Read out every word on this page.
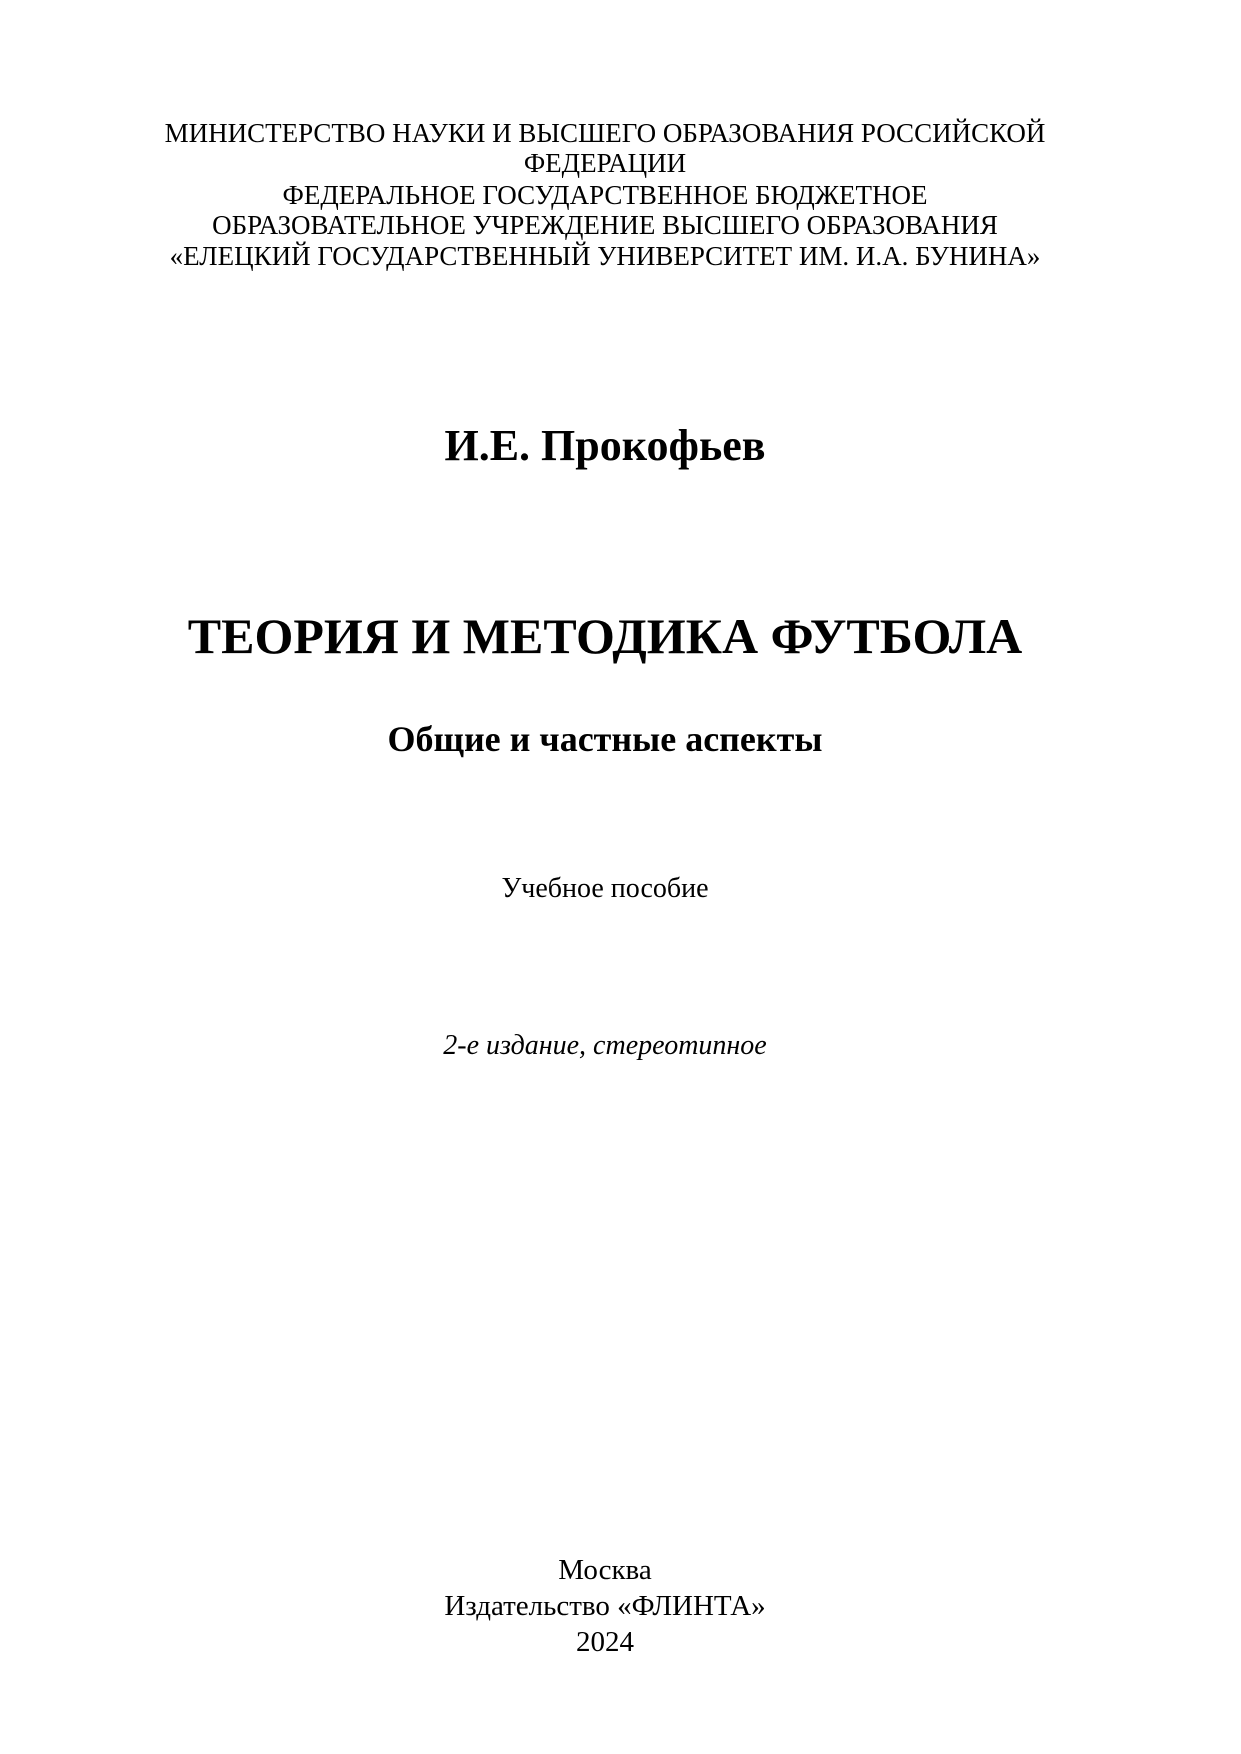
МИНИСТЕРСТВО НАУКИ И ВЫСШЕГО ОБРАЗОВАНИЯ РОССИЙСКОЙ
ФЕДЕРАЦИИ
ФЕДЕРАЛЬНОЕ ГОСУДАРСТВЕННОЕ БЮДЖЕТНОЕ
ОБРАЗОВАТЕЛЬНОЕ УЧРЕЖДЕНИЕ ВЫСШЕГО ОБРАЗОВАНИЯ
«ЕЛЕЦКИЙ ГОСУДАРСТВЕННЫЙ УНИВЕРСИТЕТ ИМ. И.А. БУНИНА»
И.Е. Прокофьев
ТЕОРИЯ И МЕТОДИКА ФУТБОЛА
Общие и частные аспекты
Учебное пособие
2-е издание, стереотипное
Москва
Издательство «ФЛИНТА»
2024
